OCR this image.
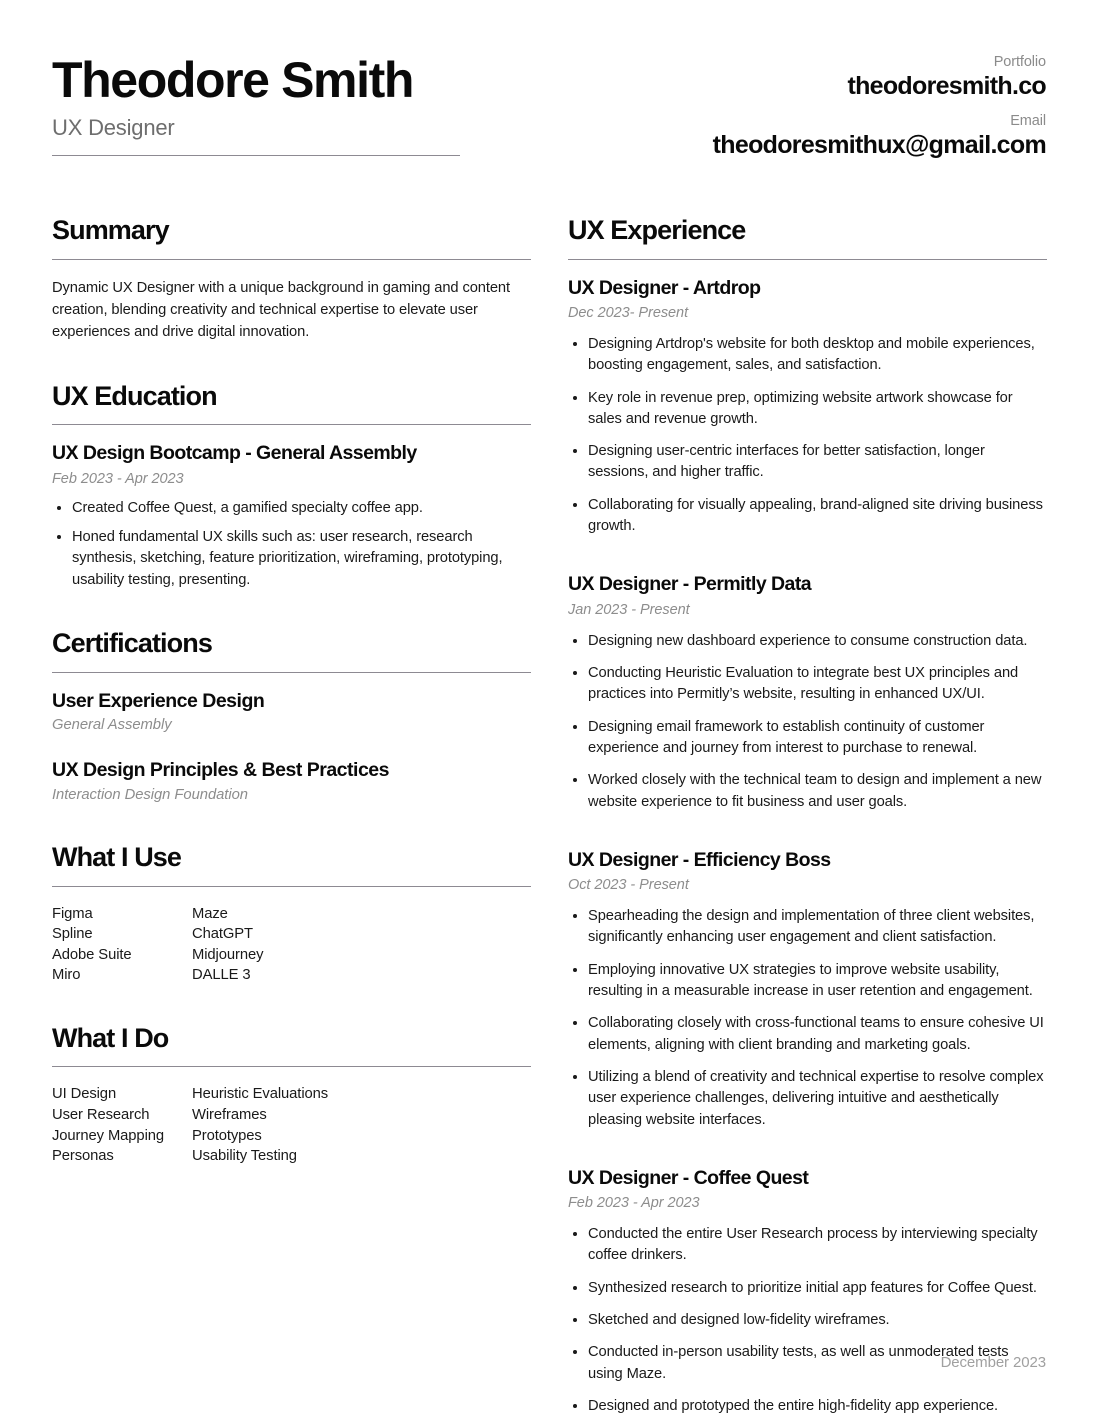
Theodore Smith
UX Designer
Portfolio
theodoresmith.co
Email
theodoresmithux@gmail.com
Summary
Dynamic UX Designer with a unique background in gaming and content creation, blending creativity and technical expertise to elevate user experiences and drive digital innovation.
UX Education
UX Design Bootcamp - General Assembly
Feb 2023 - Apr 2023
Created Coffee Quest, a gamified specialty coffee app.
Honed fundamental UX skills such as: user research, research synthesis, sketching, feature prioritization, wireframing, prototyping, usability testing, presenting.
Certifications
User Experience Design
General Assembly
UX Design Principles & Best Practices
Interaction Design Foundation
What I Use
Figma
Spline
Adobe Suite
Miro
Maze
ChatGPT
Midjourney
DALLE 3
What I Do
UI Design
User Research
Journey Mapping
Personas
Heuristic Evaluations
Wireframes
Prototypes
Usability Testing
UX Experience
UX Designer - Artdrop
Dec 2023- Present
Designing Artdrop's website for both desktop and mobile experiences, boosting engagement, sales, and satisfaction.
Key role in revenue prep, optimizing website artwork showcase for sales and revenue growth.
Designing user-centric interfaces for better satisfaction, longer sessions, and higher traffic.
Collaborating for visually appealing, brand-aligned site driving business growth.
UX Designer - Permitly Data
Jan 2023 - Present
Designing new dashboard experience to consume construction data.
Conducting Heuristic Evaluation to integrate best UX principles and practices into Permitly’s website, resulting in enhanced UX/UI.
Designing email framework to establish continuity of customer experience and journey from interest to purchase to renewal.
Worked closely with the technical team to design and implement a new website experience to fit business and user goals.
UX Designer - Efficiency Boss
Oct 2023 - Present
Spearheading the design and implementation of three client websites, significantly enhancing user engagement and client satisfaction.
Employing innovative UX strategies to improve website usability, resulting in a measurable increase in user retention and engagement.
Collaborating closely with cross-functional teams to ensure cohesive UI elements, aligning with client branding and marketing goals.
Utilizing a blend of creativity and technical expertise to resolve complex user experience challenges, delivering intuitive and aesthetically pleasing website interfaces.
UX Designer - Coffee Quest
Feb 2023 - Apr 2023
Conducted the entire User Research process by interviewing specialty coffee drinkers.
Synthesized research to prioritize initial app features for Coffee Quest.
Sketched and designed low-fidelity wireframes.
Conducted in-person usability tests, as well as unmoderated tests using Maze.
Designed and prototyped the entire high-fidelity app experience.
December 2023
